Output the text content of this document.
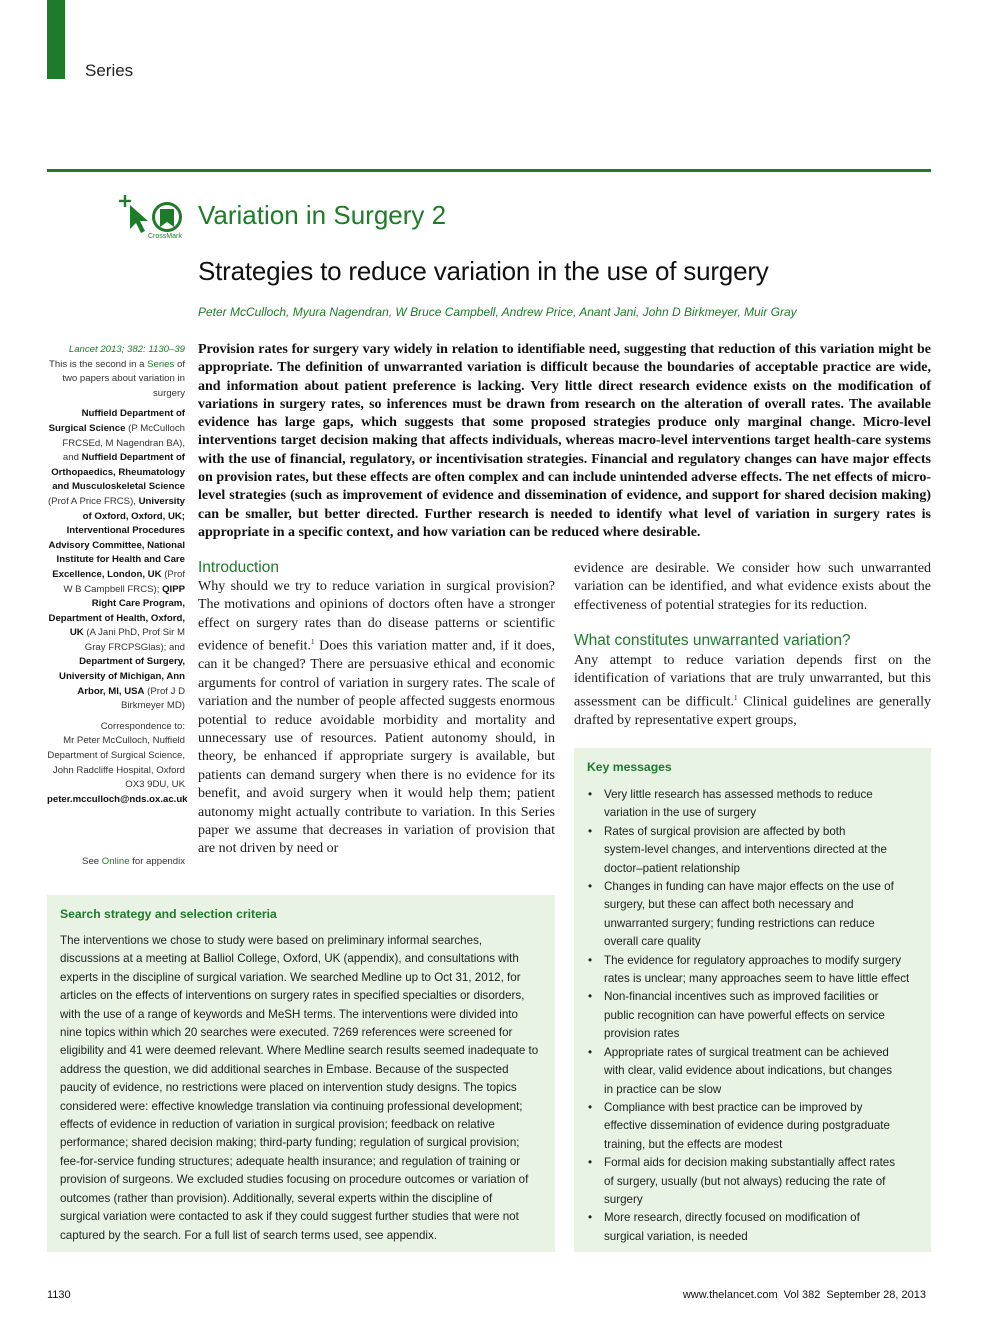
Series
CrossMark
Variation in Surgery 2
Strategies to reduce variation in the use of surgery
Peter McCulloch, Myura Nagendran, W Bruce Campbell, Andrew Price, Anant Jani, John D Birkmeyer, Muir Gray
Lancet 2013; 382: 1130–39
This is the second in a Series of two papers about variation in surgery
Nuffield Department of Surgical Science (P McCulloch FRCSEd, M Nagendran BA), and Nuffield Department of Orthopaedics, Rheumatology and Musculoskeletal Science (Prof A Price FRCS), University of Oxford, Oxford, UK; Interventional Procedures Advisory Committee, National Institute for Health and Care Excellence, London, UK (Prof W B Campbell FRCS); QIPP Right Care Program, Department of Health, Oxford, UK (A Jani PhD, Prof Sir M Gray FRCPSGlas); and Department of Surgery, University of Michigan, Ann Arbor, MI, USA (Prof J D Birkmeyer MD)
Correspondence to:
Mr Peter McCulloch, Nuffield Department of Surgical Science, John Radcliffe Hospital, Oxford OX3 9DU, UK
peter.mcculloch@nds.ox.ac.uk
See Online for appendix
Provision rates for surgery vary widely in relation to identifiable need, suggesting that reduction of this variation might be appropriate. The definition of unwarranted variation is difficult because the boundaries of acceptable practice are wide, and information about patient preference is lacking. Very little direct research evidence exists on the modification of variations in surgery rates, so inferences must be drawn from research on the alteration of overall rates. The available evidence has large gaps, which suggests that some proposed strategies produce only marginal change. Micro-level interventions target decision making that affects individuals, whereas macro-level interventions target health-care systems with the use of financial, regulatory, or incentivisation strategies. Financial and regulatory changes can have major effects on provision rates, but these effects are often complex and can include unintended adverse effects. The net effects of micro-level strategies (such as improvement of evidence and dissemination of evidence, and support for shared decision making) can be smaller, but better directed. Further research is needed to identify what level of variation in surgery rates is appropriate in a specific context, and how variation can be reduced where desirable.
Introduction
Why should we try to reduce variation in surgical provision? The motivations and opinions of doctors often have a stronger effect on surgery rates than do disease patterns or scientific evidence of benefit.$^1$ Does this variation matter and, if it does, can it be changed? There are persuasive ethical and economic arguments for control of variation in surgery rates. The scale of variation and the number of people affected suggests enormous potential to reduce avoidable morbidity and mortality and unnecessary use of resources. Patient autonomy should, in theory, be enhanced if appropriate surgery is available, but patients can demand surgery when there is no evidence for its benefit, and avoid surgery when it would help them; patient autonomy might actually contribute to variation. In this Series paper we assume that decreases in variation of provision that are not driven by need or
evidence are desirable. We consider how such unwarranted variation can be identified, and what evidence exists about the effectiveness of potential strategies for its reduction.
What constitutes unwarranted variation?
Any attempt to reduce variation depends first on the identification of variations that are truly unwarranted, but this assessment can be difficult.$^1$ Clinical guidelines are generally drafted by representative expert groups,
Search strategy and selection criteria
The interventions we chose to study were based on preliminary informal searches,
discussions at a meeting at Balliol College, Oxford, UK (appendix), and consultations with
experts in the discipline of surgical variation. We searched Medline up to Oct 31, 2012, for
articles on the effects of interventions on surgery rates in specified specialties or disorders,
with the use of a range of keywords and MeSH terms. The interventions were divided into
nine topics within which 20 searches were executed. 7269 references were screened for
eligibility and 41 were deemed relevant. Where Medline search results seemed inadequate to
address the question, we did additional searches in Embase. Because of the suspected
paucity of evidence, no restrictions were placed on intervention study designs. The topics
considered were: effective knowledge translation via continuing professional development;
effects of evidence in reduction of variation in surgical provision; feedback on relative
performance; shared decision making; third-party funding; regulation of surgical provision;
fee-for-service funding structures; adequate health insurance; and regulation of training or
provision of surgeons. We excluded studies focusing on procedure outcomes or variation of
outcomes (rather than provision). Additionally, several experts within the discipline of
surgical variation were contacted to ask if they could suggest further studies that were not
captured by the search. For a full list of search terms used, see appendix.
Key messages
• Very little research has assessed methods to reduce
variation in the use of surgery
• Rates of surgical provision are affected by both
system-level changes, and interventions directed at the
doctor–patient relationship
• Changes in funding can have major effects on the use of
surgery, but these can affect both necessary and
unwarranted surgery; funding restrictions can reduce
overall care quality
• The evidence for regulatory approaches to modify surgery
rates is unclear; many approaches seem to have little effect
• Non-financial incentives such as improved facilities or
public recognition can have powerful effects on service
provision rates
• Appropriate rates of surgical treatment can be achieved
with clear, valid evidence about indications, but changes
in practice can be slow
• Compliance with best practice can be improved by
effective dissemination of evidence during postgraduate
training, but the effects are modest
• Formal aids for decision making substantially affect rates
of surgery, usually (but not always) reducing the rate of
surgery
• More research, directly focused on modification of
surgical variation, is needed
1130	www.thelancet.com Vol 382 September 28, 2013
